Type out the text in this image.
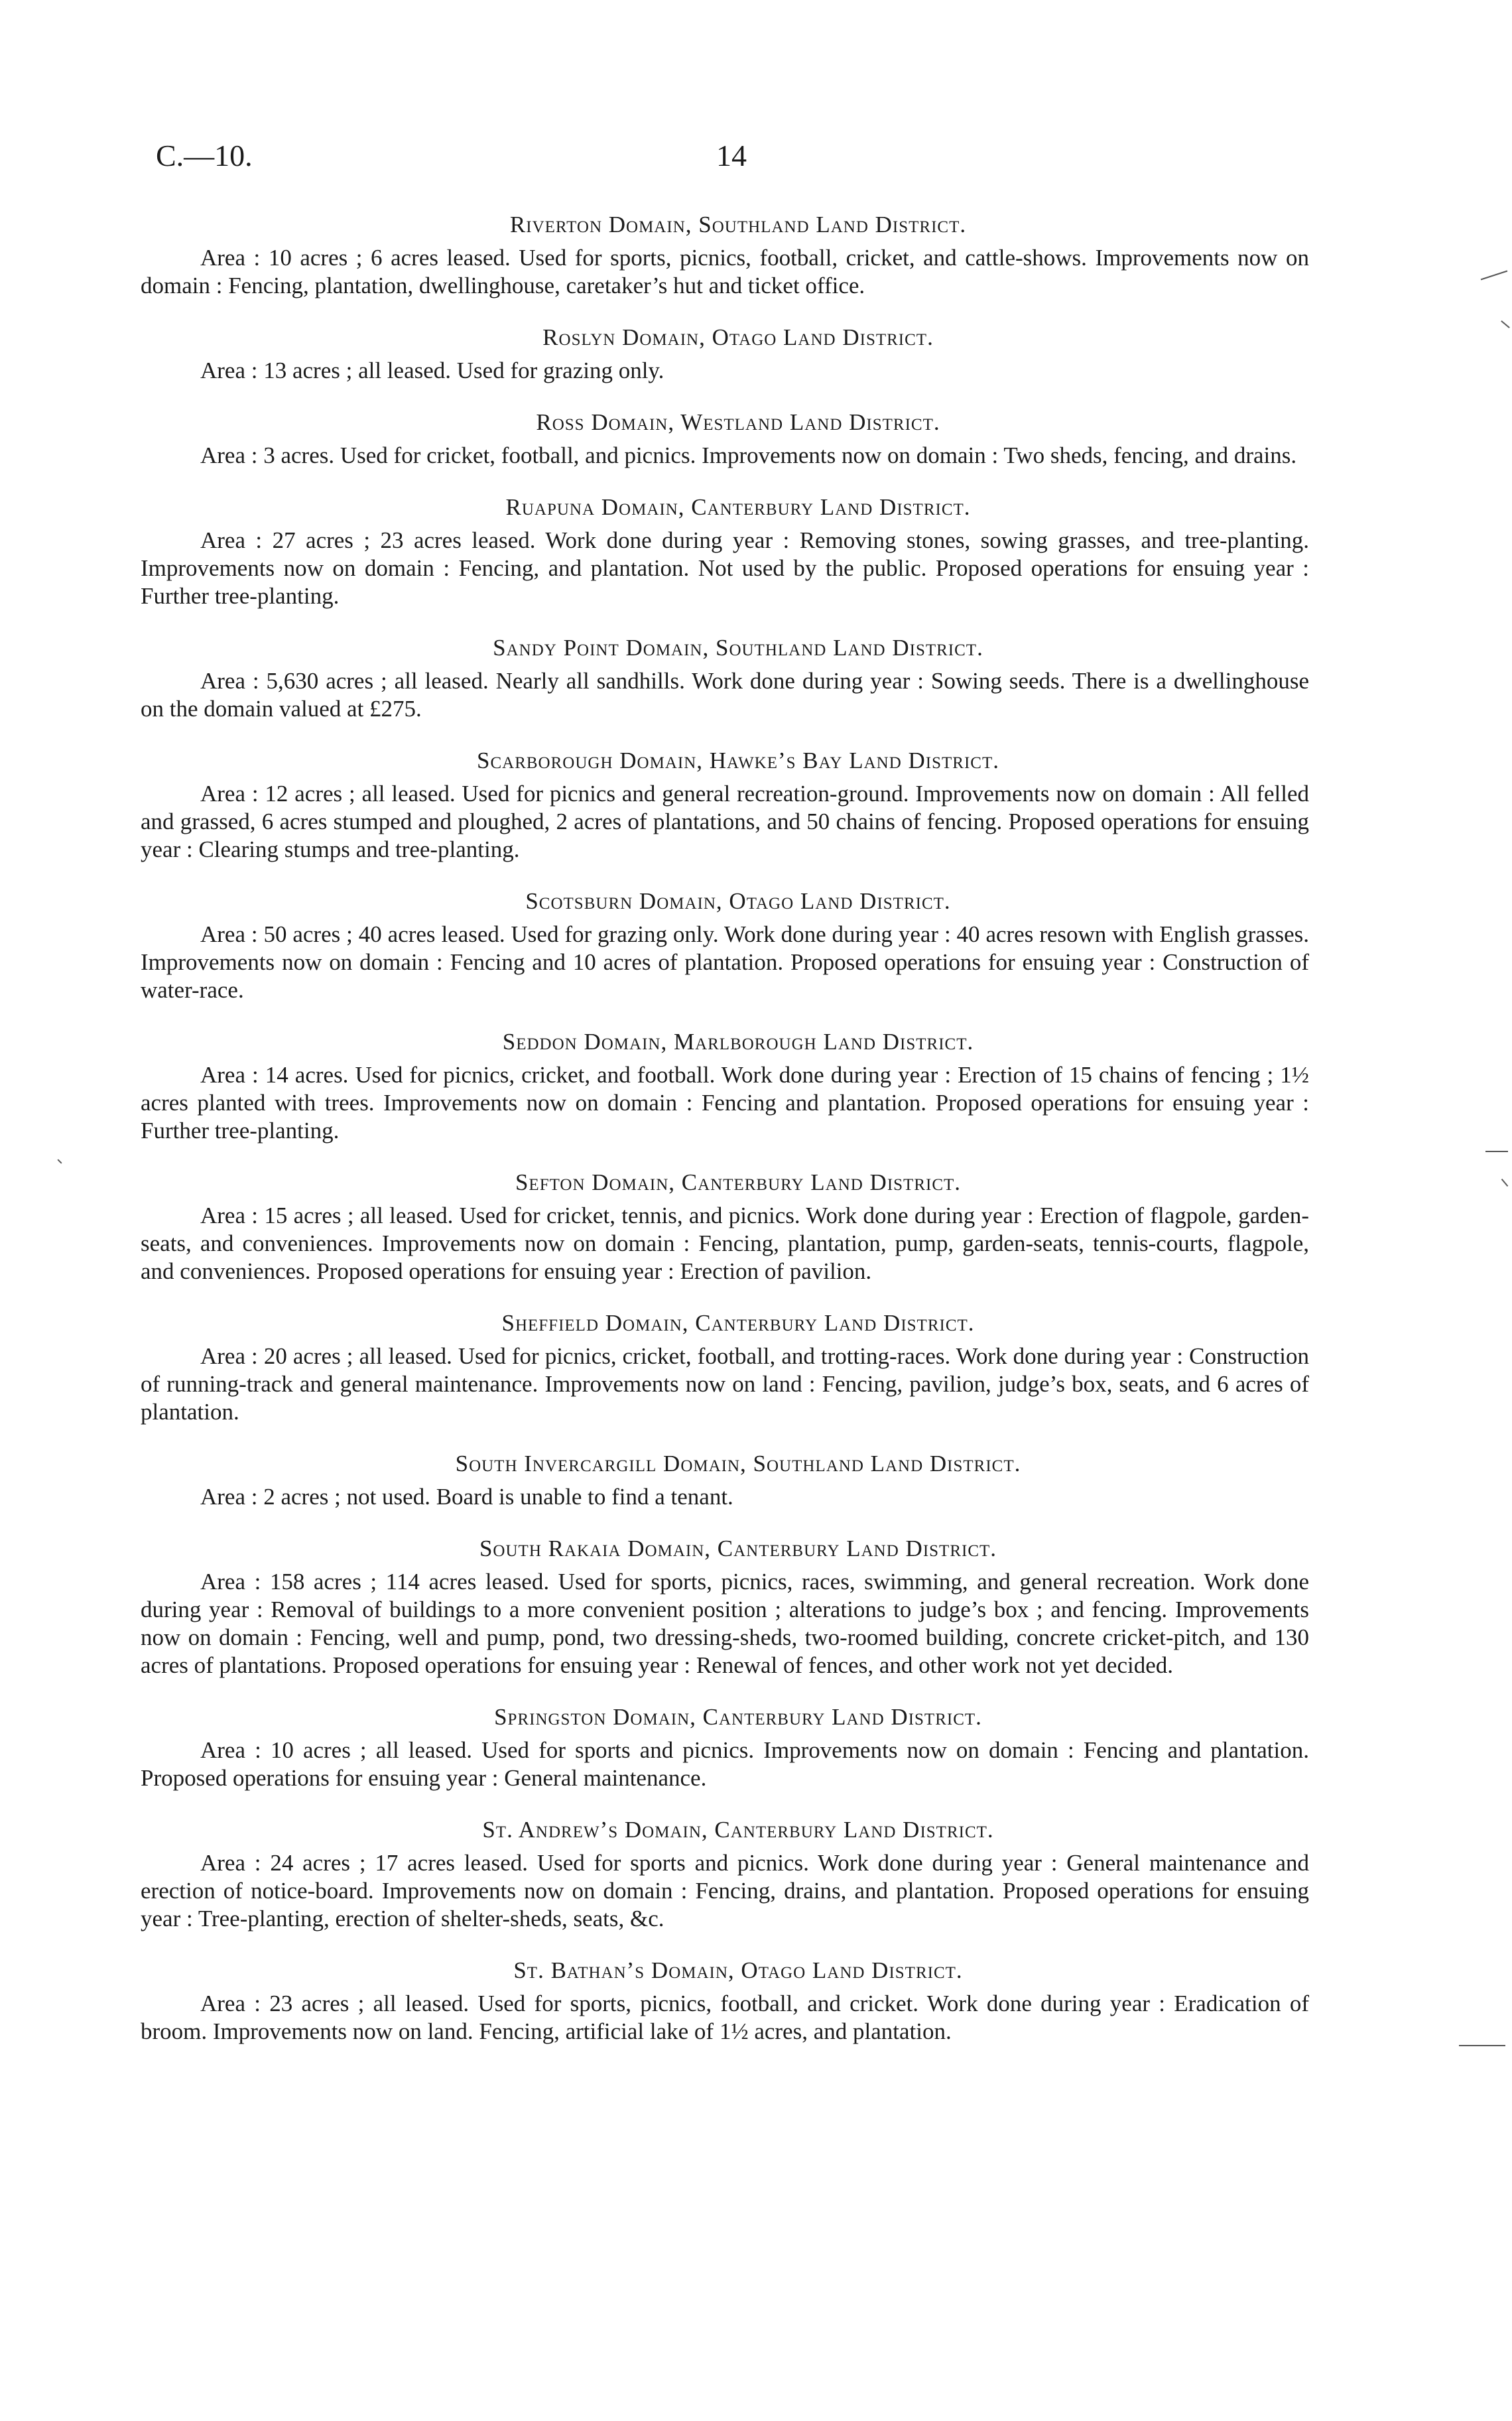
C.—10.	14

Riverton Domain, Southland Land District.

Area : 10 acres ; 6 acres leased. Used for sports, picnics, football, cricket, and cattle-shows. Improvements now on domain : Fencing, plantation, dwellinghouse, caretaker’s hut and ticket office.

Roslyn Domain, Otago Land District.

Area : 13 acres ; all leased. Used for grazing only.

Ross Domain, Westland Land District.

Area : 3 acres. Used for cricket, football, and picnics. Improvements now on domain : Two sheds, fencing, and drains.

Ruapuna Domain, Canterbury Land District.

Area : 27 acres ; 23 acres leased. Work done during year : Removing stones, sowing grasses, and tree-planting. Improvements now on domain : Fencing, and plantation. Not used by the public. Proposed operations for ensuing year : Further tree-planting.

Sandy Point Domain, Southland Land District.

Area : 5,630 acres ; all leased. Nearly all sandhills. Work done during year : Sowing seeds. There is a dwellinghouse on the domain valued at £275.

Scarborough Domain, Hawke’s Bay Land District.

Area : 12 acres ; all leased. Used for picnics and general recreation-ground. Improvements now on domain : All felled and grassed, 6 acres stumped and ploughed, 2 acres of plantations, and 50 chains of fencing. Proposed operations for ensuing year : Clearing stumps and tree-planting.

Scotsburn Domain, Otago Land District.

Area : 50 acres ; 40 acres leased. Used for grazing only. Work done during year : 40 acres resown with English grasses. Improvements now on domain : Fencing and 10 acres of plantation. Proposed operations for ensuing year : Construction of water-race.

Seddon Domain, Marlborough Land District.

Area : 14 acres. Used for picnics, cricket, and football. Work done during year : Erection of 15 chains of fencing ; 1½ acres planted with trees. Improvements now on domain : Fencing and plantation. Proposed operations for ensuing year : Further tree-planting.

Sefton Domain, Canterbury Land District.

Area : 15 acres ; all leased. Used for cricket, tennis, and picnics. Work done during year : Erection of flagpole, garden-seats, and conveniences. Improvements now on domain : Fencing, plantation, pump, garden-seats, tennis-courts, flagpole, and conveniences. Proposed operations for ensuing year : Erection of pavilion.

Sheffield Domain, Canterbury Land District.

Area : 20 acres ; all leased. Used for picnics, cricket, football, and trotting-races. Work done during year : Construction of running-track and general maintenance. Improvements now on land : Fencing, pavilion, judge’s box, seats, and 6 acres of plantation.

South Invercargill Domain, Southland Land District.

Area : 2 acres ; not used. Board is unable to find a tenant.

South Rakaia Domain, Canterbury Land District.

Area : 158 acres ; 114 acres leased. Used for sports, picnics, races, swimming, and general recreation. Work done during year : Removal of buildings to a more convenient position ; alterations to judge’s box ; and fencing. Improvements now on domain : Fencing, well and pump, pond, two dressing-sheds, two-roomed building, concrete cricket-pitch, and 130 acres of plantations. Proposed operations for ensuing year : Renewal of fences, and other work not yet decided.

Springston Domain, Canterbury Land District.

Area : 10 acres ; all leased. Used for sports and picnics. Improvements now on domain : Fencing and plantation. Proposed operations for ensuing year : General maintenance.

St. Andrew’s Domain, Canterbury Land District.

Area : 24 acres ; 17 acres leased. Used for sports and picnics. Work done during year : General maintenance and erection of notice-board. Improvements now on domain : Fencing, drains, and plantation. Proposed operations for ensuing year : Tree-planting, erection of shelter-sheds, seats, &c.

St. Bathan’s Domain, Otago Land District.

Area : 23 acres ; all leased. Used for sports, picnics, football, and cricket. Work done during year : Eradication of broom. Improvements now on land. Fencing, artificial lake of 1½ acres, and plantation.
